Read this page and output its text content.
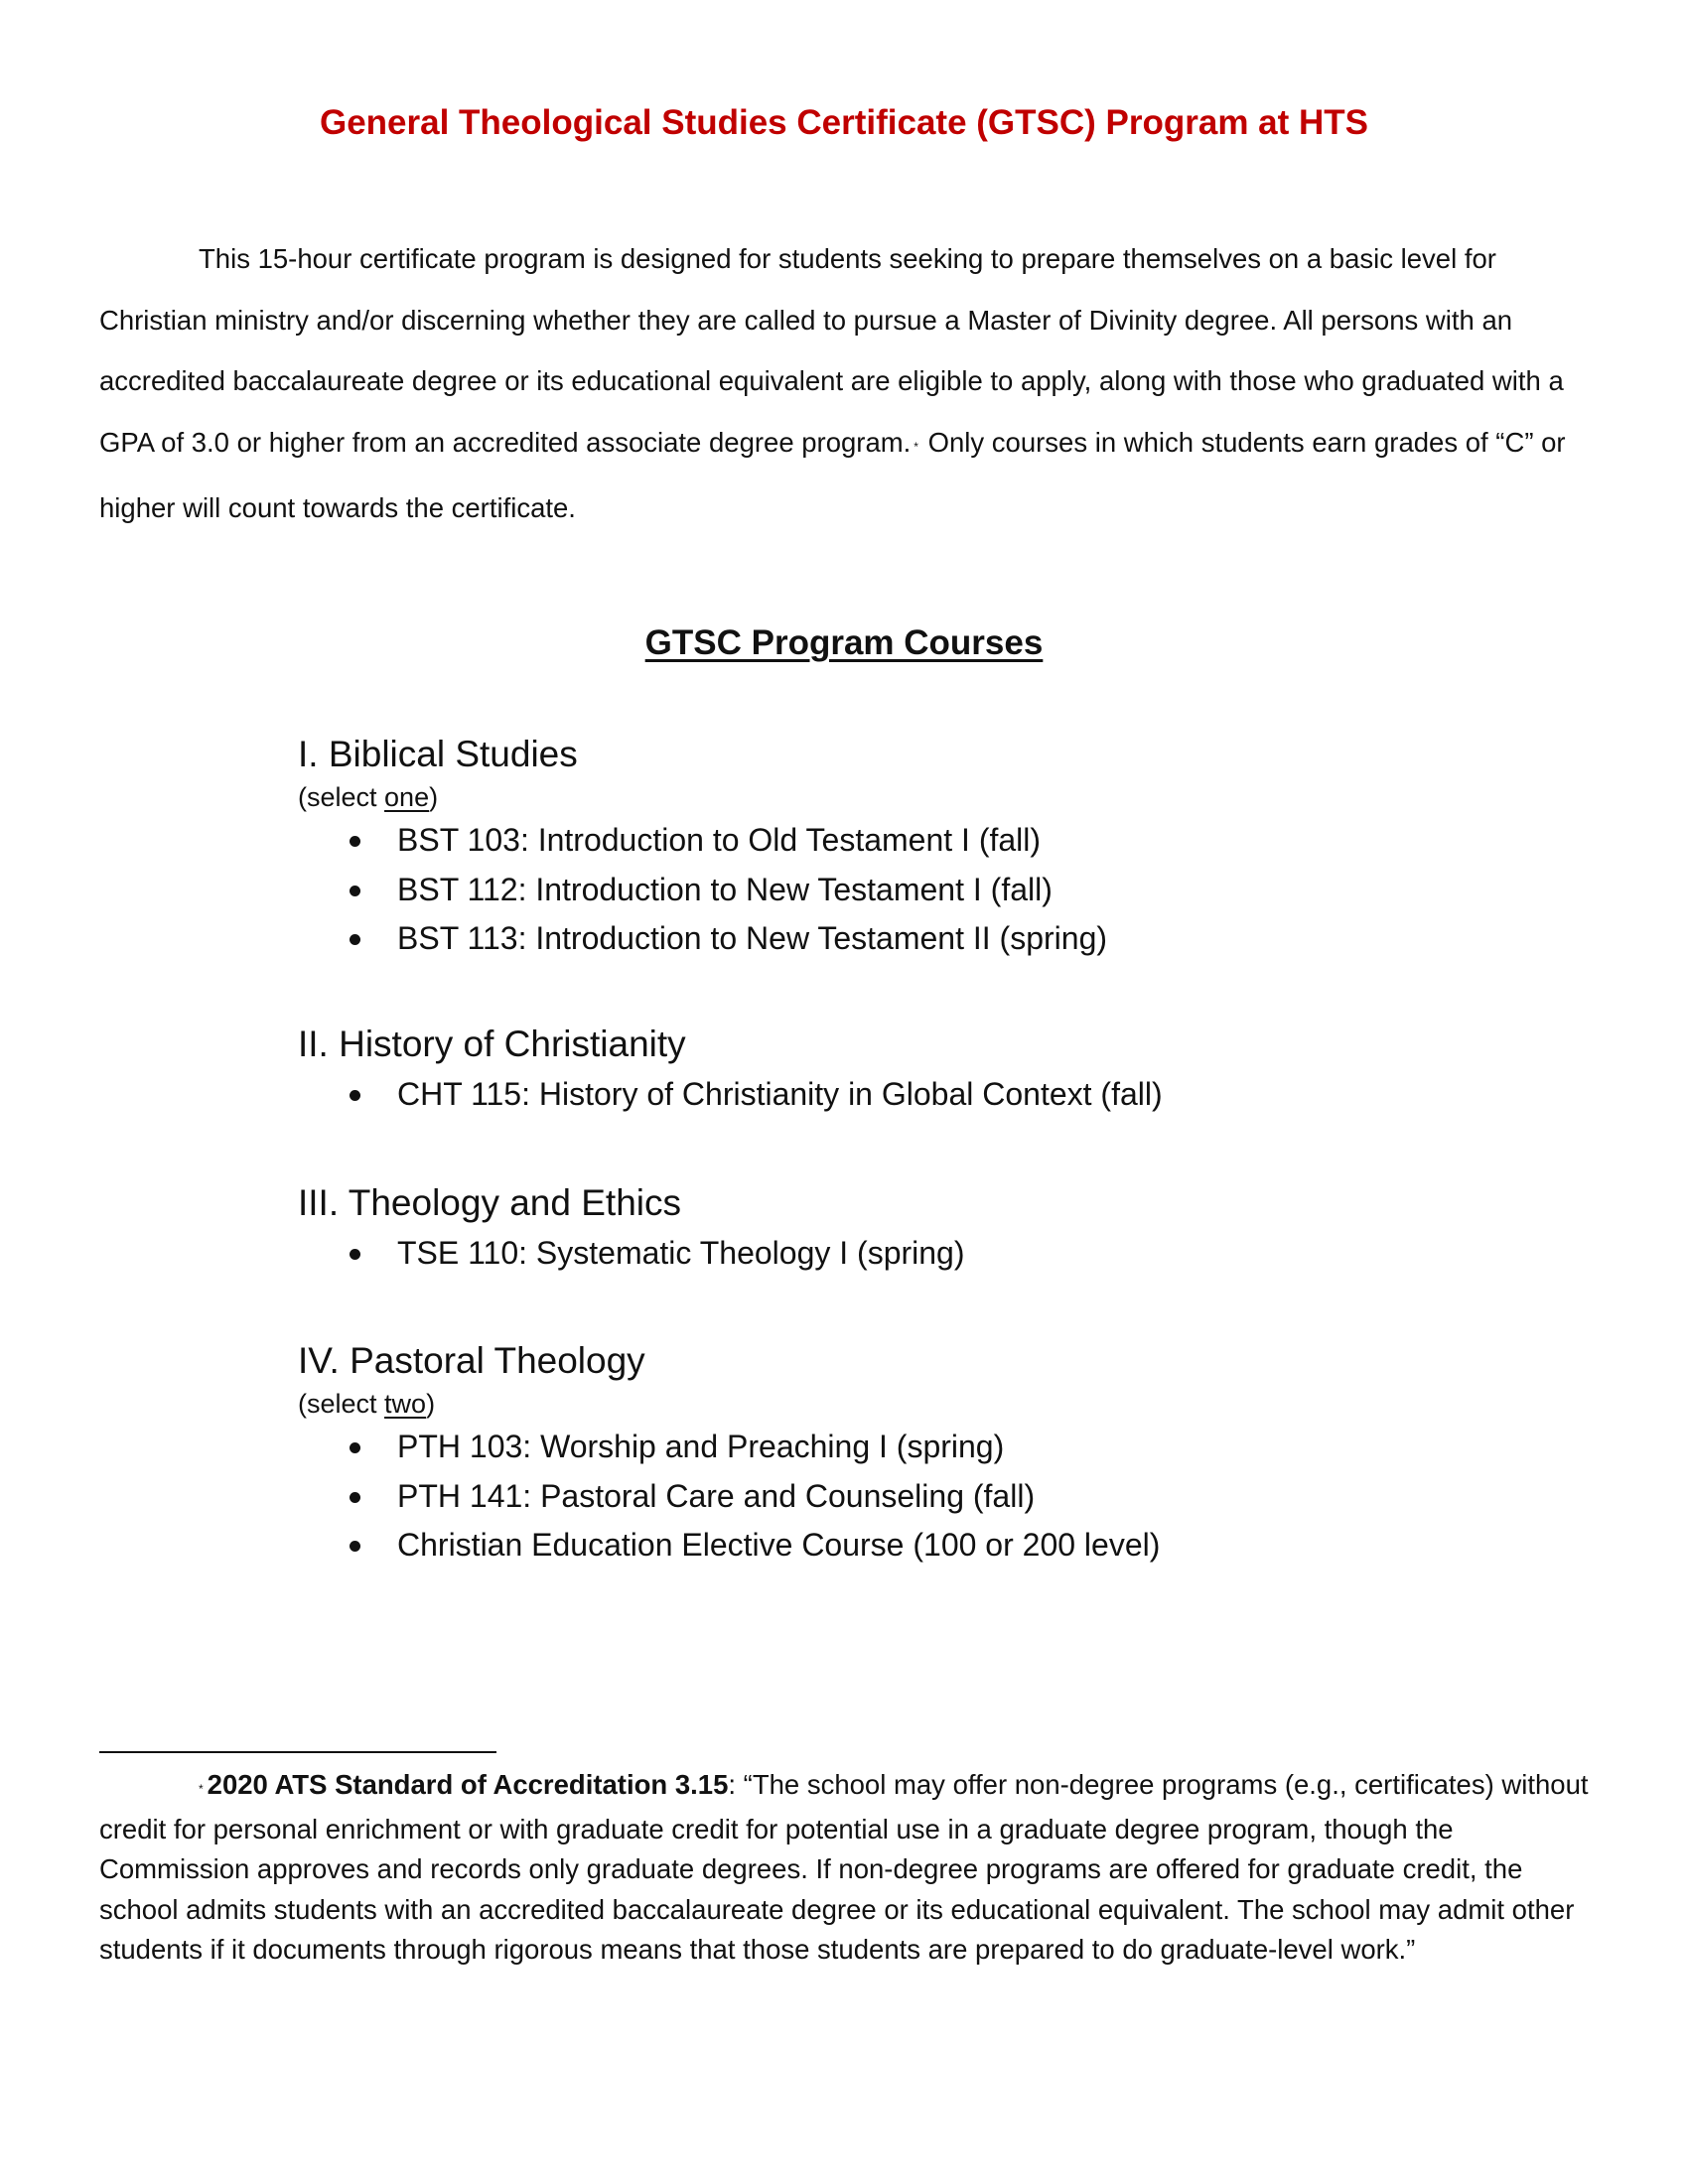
General Theological Studies Certificate (GTSC) Program at HTS

This 15-hour certificate program is designed for students seeking to prepare themselves on a basic level for Christian ministry and/or discerning whether they are called to pursue a Master of Divinity degree. All persons with an accredited baccalaureate degree or its educational equivalent are eligible to apply, along with those who graduated with a GPA of 3.0 or higher from an accredited associate degree program. * Only courses in which students earn grades of “C” or higher will count towards the certificate.

GTSC Program Courses
I. Biblical Studies

(select one)

BST 103: Introduction to Old Testament I (fall)
BST 112: Introduction to New Testament I (fall)
BST 113: Introduction to New Testament II (spring)
II. History of Christianity
CHT 115: History of Christianity in Global Context (fall)
III. Theology and Ethics
TSE 110: Systematic Theology I (spring)
IV. Pastoral Theology

(select two)

PTH 103: Worship and Preaching I (spring)
PTH 141: Pastoral Care and Counseling (fall)
Christian Education Elective Course (100 or 200 level)

* 2020 ATS Standard of Accreditation 3.15: “The school may offer non-degree programs (e.g., certificates) without credit for personal enrichment or with graduate credit for potential use in a graduate degree program, though the Commission approves and records only graduate degrees. If non-degree programs are offered for graduate credit, the school admits students with an accredited baccalaureate degree or its educational equivalent. The school may admit other students if it documents through rigorous means that those students are prepared to do graduate-level work.”
